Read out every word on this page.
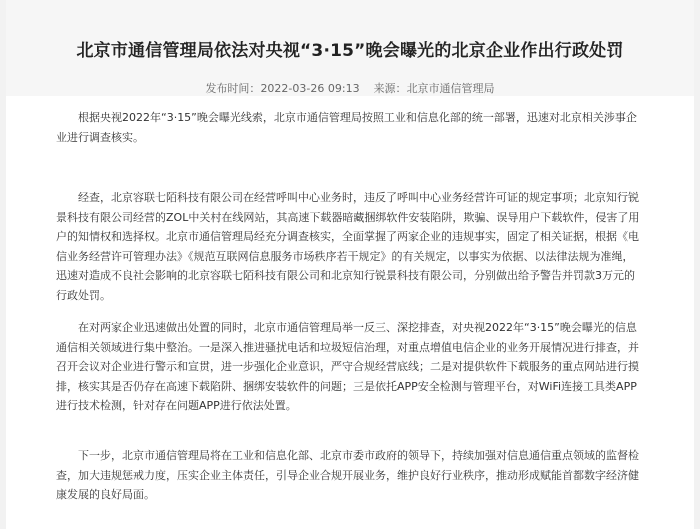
北京市通信管理局依法对央视“3·15”晚会曝光的北京企业作出行政处罚
发布时间：2022-03-26 09:13 来源：北京市通信管理局

根据央视2022年“3·15”晚会曝光线索，北京市通信管理局按照工业和信息化部的统一部署，迅速对北京相关涉事企业进行调查核实。

经查，北京容联七陌科技有限公司在经营呼叫中心业务时，违反了呼叫中心业务经营许可证的规定事项；北京知行锐景科技有限公司经营的ZOL中关村在线网站，其高速下载器暗藏捆绑软件安装陷阱，欺骗、误导用户下载软件，侵害了用户的知情权和选择权。北京市通信管理局经充分调查核实，全面掌握了两家企业的违规事实，固定了相关证据，根据《电信业务经营许可管理办法》《规范互联网信息服务市场秩序若干规定》的有关规定，以事实为依据、以法律法规为准绳，迅速对造成不良社会影响的北京容联七陌科技有限公司和北京知行锐景科技有限公司，分别做出给予警告并罚款3万元的行政处罚。

在对两家企业迅速做出处置的同时，北京市通信管理局举一反三、深挖排查，对央视2022年“3·15”晚会曝光的信息通信相关领域进行集中整治。一是深入推进骚扰电话和垃圾短信治理，对重点增值电信企业的业务开展情况进行排查，并召开会议对企业进行警示和宣贯，进一步强化企业意识，严守合规经营底线；二是对提供软件下载服务的重点网站进行摸排，核实其是否仍存在高速下载陷阱、捆绑安装软件的问题；三是依托APP安全检测与管理平台，对WiFi连接工具类APP进行技术检测，针对存在问题APP进行依法处置。

下一步，北京市通信管理局将在工业和信息化部、北京市委市政府的领导下，持续加强对信息通信重点领域的监督检查，加大违规惩戒力度，压实企业主体责任，引导企业合规开展业务，维护良好行业秩序，推动形成赋能首都数字经济健康发展的良好局面。
